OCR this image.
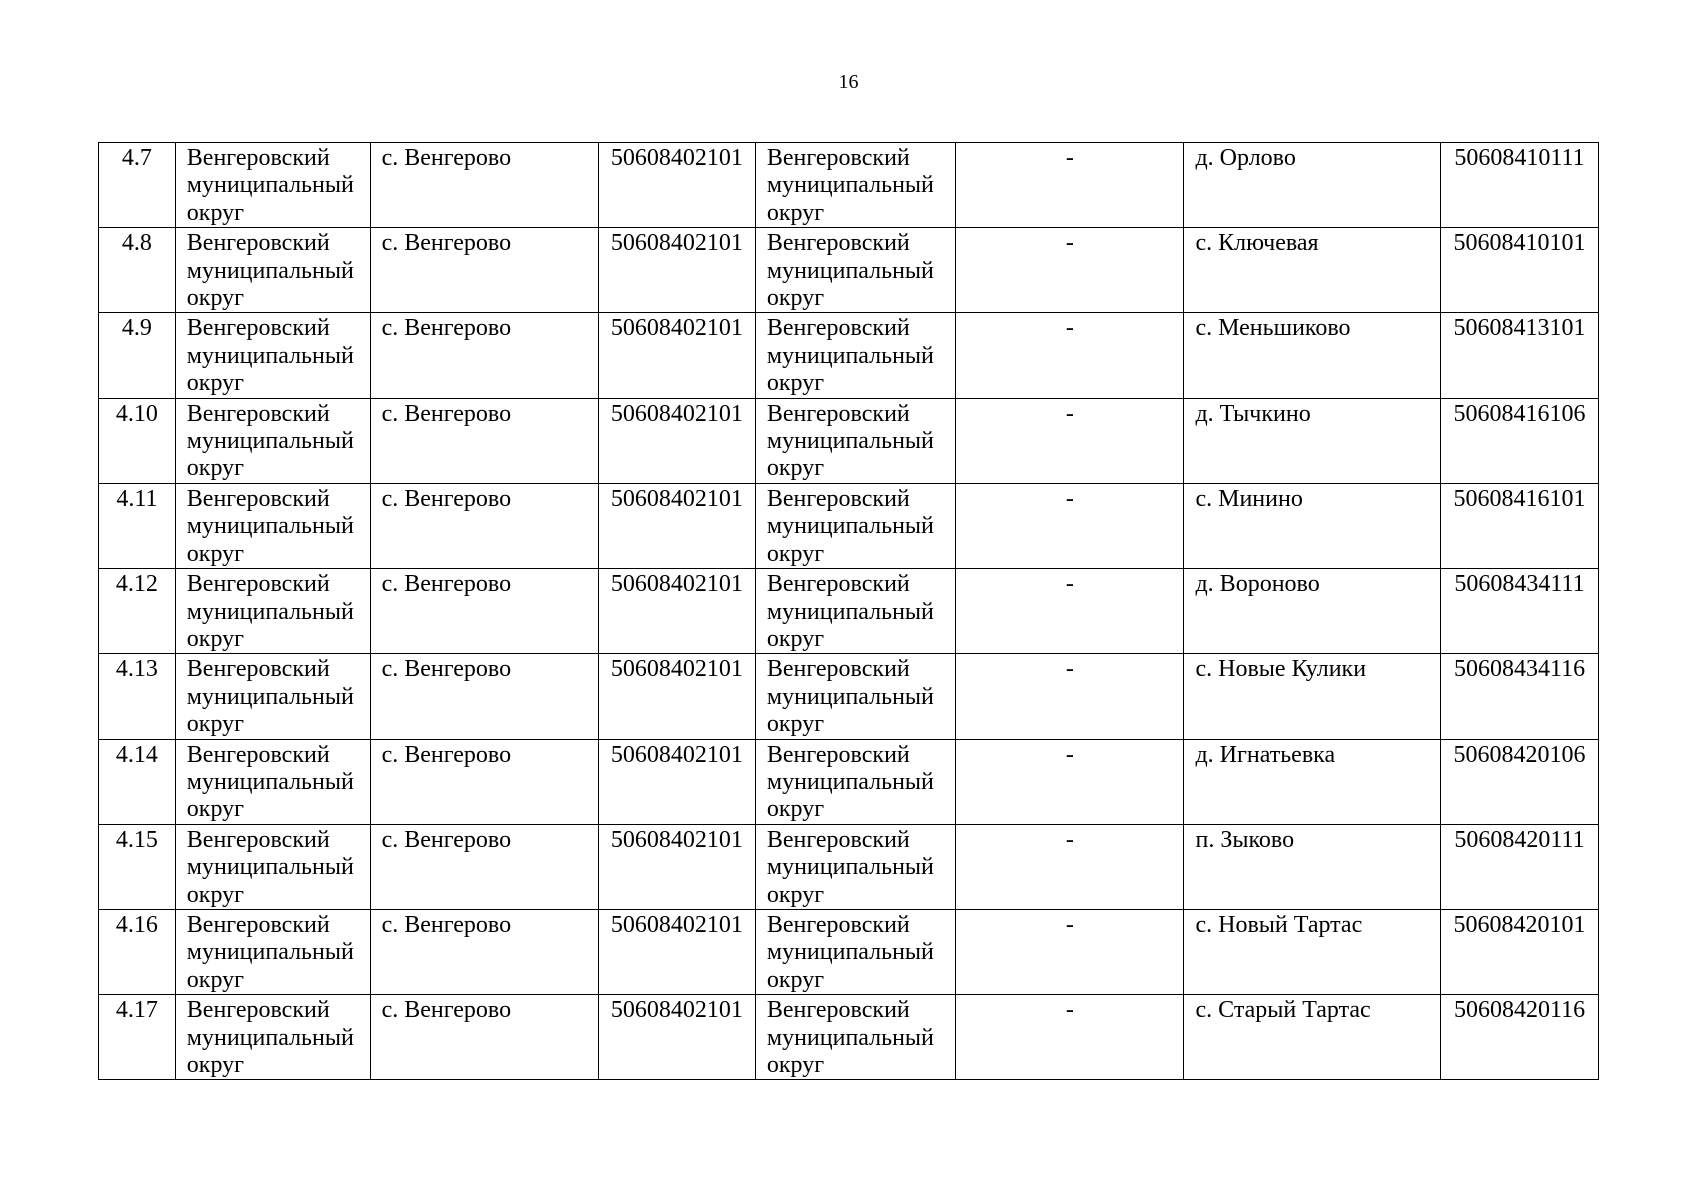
16
4.7	Венгеровский муниципальный округ	с. Венгерово	50608402101	Венгеровский муниципальный округ	-	д. Орлово	50608410111
4.8	Венгеровский муниципальный округ	с. Венгерово	50608402101	Венгеровский муниципальный округ	-	с. Ключевая	50608410101
4.9	Венгеровский муниципальный округ	с. Венгерово	50608402101	Венгеровский муниципальный округ	-	с. Меньшиково	50608413101
4.10	Венгеровский муниципальный округ	с. Венгерово	50608402101	Венгеровский муниципальный округ	-	д. Тычкино	50608416106
4.11	Венгеровский муниципальный округ	с. Венгерово	50608402101	Венгеровский муниципальный округ	-	с. Минино	50608416101
4.12	Венгеровский муниципальный округ	с. Венгерово	50608402101	Венгеровский муниципальный округ	-	д. Вороново	50608434111
4.13	Венгеровский муниципальный округ	с. Венгерово	50608402101	Венгеровский муниципальный округ	-	с. Новые Кулики	50608434116
4.14	Венгеровский муниципальный округ	с. Венгерово	50608402101	Венгеровский муниципальный округ	-	д. Игнатьевка	50608420106
4.15	Венгеровский муниципальный округ	с. Венгерово	50608402101	Венгеровский муниципальный округ	-	п. Зыково	50608420111
4.16	Венгеровский муниципальный округ	с. Венгерово	50608402101	Венгеровский муниципальный округ	-	с. Новый Тартас	50608420101
4.17	Венгеровский муниципальный округ	с. Венгерово	50608402101	Венгеровский муниципальный округ	-	с. Старый Тартас	50608420116
